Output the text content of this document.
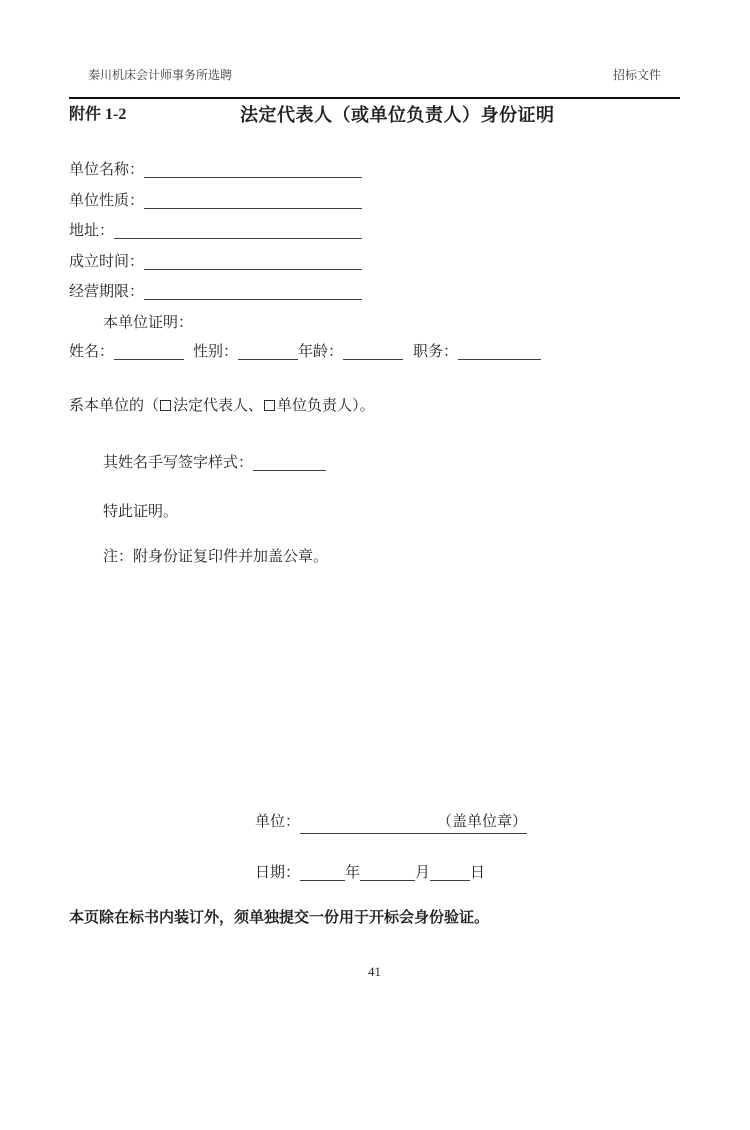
秦川机床会计师事务所选聘	招标文件
附件 1-2	法定代表人（或单位负责人）身份证明
单位名称：
单位性质：
地址：
成立时间：
经营期限：
本单位证明：
姓名：	性别：	年龄：	职务：
系本单位的（ 法定代表人、 单位负责人）。
其姓名手写签字样式：
特此证明。
注：附身份证复印件并加盖公章。
单位：	（盖单位章）
日期：	年	月	日
本页除在标书内装订外，须单独提交一份用于开标会身份验证。
41
